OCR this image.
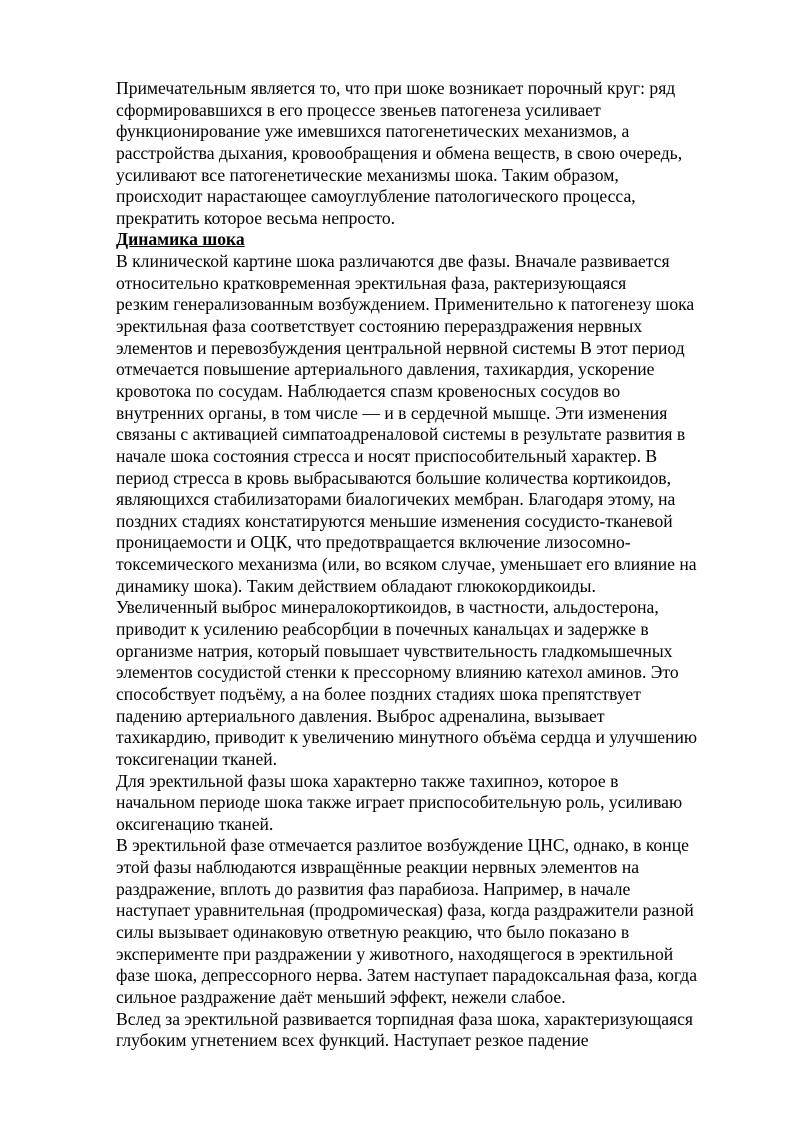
Примечательным является то, что при шоке возникает порочный круг: ряд
сформировавшихся в его процессе звеньев патогенеза усиливает
функционирование уже имевшихся патогенетических механизмов, а
расстройства дыхания, кровообращения и обмена веществ, в свою очередь,
усиливают все патогенетические механизмы шока. Таким образом,
происходит нарастающее самоуглубление патологического процесса,
прекратить которое весьма непросто.
Динамика шока
В клинической картине шока различаются две фазы. Вначале развивается
относительно кратковременная эректильная фаза, рактеризующаяся
резким генерализованным возбуждением. Применительно к патогенезу шока
эректильная фаза соответствует состоянию перераздражения нервных
элементов и перевозбуждения центральной нервной системы В этот период
отмечается повышение артериального давления, тахикардия, ускорение
кровотока по сосудам. Наблюдается спазм кровеносных сосудов во
внутренних органы, в том числе — и в сердечной мышце. Эти изменения
связаны с активацией симпатоадреналовой системы в результате развития в
начале шока состояния стресса и носят приспособительный характер. В
период стресса в кровь выбрасываются большие количества кортикоидов,
являющихся стабилизаторами биалогичеких мембран. Благодаря этому, на
поздних стадиях констатируются меньшие изменения сосудисто-тканевой
проницаемости и ОЦК, что предотвращается включение лизосомно-
токсемического механизма (или, во всяком случае, уменьшает его влияние на
динамику шока). Таким действием обладают глюкокордикоиды.
Увеличенный выброс минералокортикоидов, в частности, альдостерона,
приводит к усилению реабсорбции в почечных канальцах и задержке в
организме натрия, который повышает чувствительность гладкомышечных
элементов сосудистой стенки к прессорному влиянию катехол аминов. Это
способствует подъёму, а на более поздних стадиях шока препятствует
падению артериального давления. Выброс адреналина, вызывает
тахикардию, приводит к увеличению минутного объёма сердца и улучшению
токсигенации тканей.
Для эректильной фазы шока характерно также тахипноэ, которое в
начальном периоде шока также играет приспособительную роль, усиливаю
оксигенацию тканей.
В эректильной фазе отмечается разлитое возбуждение ЦНС, однако, в конце
этой фазы наблюдаются извращённые реакции нервных элементов на
раздражение, вплоть до развития фаз парабиоза. Например, в начале
наступает уравнительная (продромическая) фаза, когда раздражители разной
силы вызывает одинаковую ответную реакцию, что было показано в
эксперименте при раздражении у животного, находящегося в эректильной
фазе шока, депрессорного нерва. Затем наступает парадоксальная фаза, когда
сильное раздражение даёт меньший эффект, нежели слабое.
Вслед за эректильной развивается торпидная фаза шока, характеризующаяся
глубоким угнетением всех функций. Наступает резкое падение
